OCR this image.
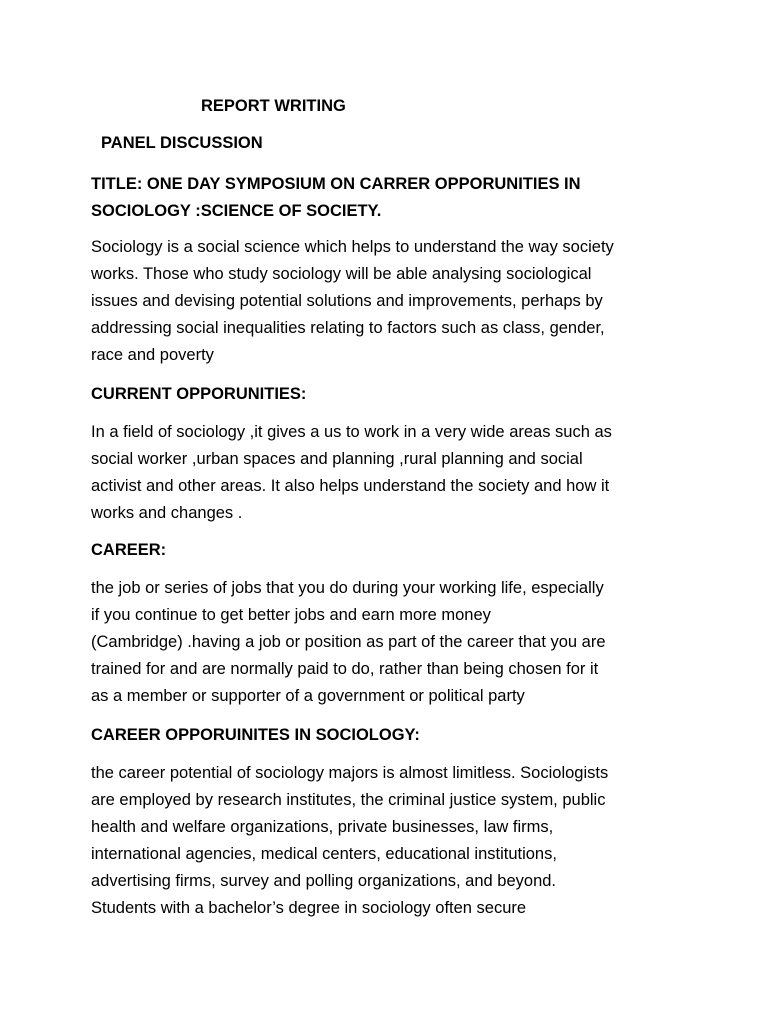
REPORT WRITING
PANEL DISCUSSION
TITLE: ONE DAY SYMPOSIUM ON CARRER OPPORUNITIES IN
SOCIOLOGY :SCIENCE OF SOCIETY.
Sociology is a social science which helps to understand the way society
works. Those who study sociology will be able analysing sociological
issues and devising potential solutions and improvements, perhaps by
addressing social inequalities relating to factors such as class, gender,
race and poverty
CURRENT OPPORUNITIES:
In a field of sociology ,it gives a us to work in a very wide areas such as
social worker ,urban spaces and planning ,rural planning and social
activist and other areas. It also helps understand the society and how it
works and changes .
CAREER:
the job or series of jobs that you do during your working life, especially
if you continue to get better jobs and earn more money
(Cambridge) .having a job or position as part of the career that you are
trained for and are normally paid to do, rather than being chosen for it
as a member or supporter of a government or political party
CAREER OPPORUINITES IN SOCIOLOGY:
the career potential of sociology majors is almost limitless. Sociologists
are employed by research institutes, the criminal justice system, public
health and welfare organizations, private businesses, law firms,
international agencies, medical centers, educational institutions,
advertising firms, survey and polling organizations, and beyond.
Students with a bachelor’s degree in sociology often secure
